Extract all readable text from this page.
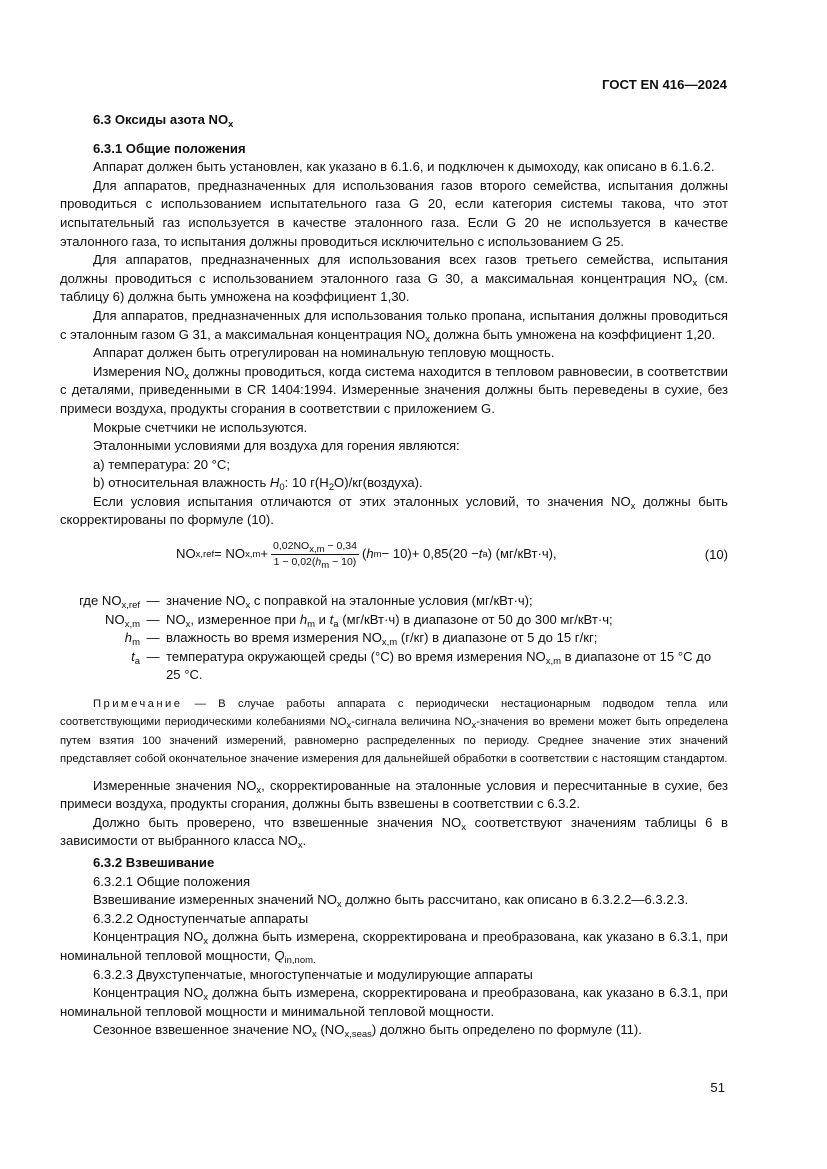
ГОСТ EN 416—2024
6.3 Оксиды азота $NO_x$
6.3.1 Общие положения

Аппарат должен быть установлен, как указано в 6.1.6, и подключен к дымоходу, как описано в 6.1.6.2.

Для аппаратов, предназначенных для использования газов второго семейства, испытания должны проводиться с использованием испытательного газа G 20, если категория системы такова, что этот испытательный газ используется в качестве эталонного газа. Если G 20 не используется в качестве эталонного газа, то испытания должны проводиться исключительно с использованием G 25.

Для аппаратов, предназначенных для использования всех газов третьего семейства, испытания должны проводиться с использованием эталонного газа G 30, а максимальная концентрация $NO_x$ (см. таблицу 6) должна быть умножена на коэффициент 1,30.

Для аппаратов, предназначенных для использования только пропана, испытания должны проводиться с эталонным газом G 31, а максимальная концентрация $NO_x$ должна быть умножена на коэффициент 1,20.

Аппарат должен быть отрегулирован на номинальную тепловую мощность.

Измерения $NO_x$ должны проводиться, когда система находится в тепловом равновесии, в соответствии с деталями, приведенными в CR 1404:1994. Измеренные значения должны быть переведены в сухие, без примеси воздуха, продукты сгорания в соответствии с приложением G.

Мокрые счетчики не используются.

Эталонными условиями для воздуха для горения являются:

a) температура: 20 °C;

b) относительная влажность $H_0$: 10 $г(H_2O)/кг(воздуха)$.

Если условия испытания отличаются от этих эталонных условий, то значения $NO_x$ должны быть скорректированы по формуле (10).

NO x,ref = NO $x,m + \frac{0,02NO_{x,m} - 0,34}{1 - 0,02(h_m - 10)}$ ( h m − 10) + 0,85(20 − t a ) (мг/кВт·ч),	(10)
где $NO_{x,ref}$ — значение $NO_x$ с поправкой на эталонные условия (мг/кВт·ч);
$NO_{x,m}$ — $NO_x$, измеренное при $h_m$ и $t_a$ (мг/кВт·ч) в диапазоне от 50 до 300 мг/кВт·ч;
$h_m$ — влажность во время измерения $NO_{x,m}$ (г/кг) в диапазоне от 5 до 15 г/кг;
$t_a$ — температура окружающей среды (°C) во время измерения $NO_{x,m}$ в диапазоне от 15 °C до 25 °C.
Примечание — В случае работы аппарата с периодически нестационарным подводом тепла или соответствующими периодическими колебаниями $NO_x$-сигнала величина $NO_x$-значения во времени может быть определена путем взятия 100 значений измерений, равномерно распределенных по периоду. Среднее значение этих значений представляет собой окончательное значение измерения для дальнейшей обработки в соответствии с настоящим стандартом.

Измеренные значения $NO_x$, скорректированные на эталонные условия и пересчитанные в сухие, без примеси воздуха, продукты сгорания, должны быть взвешены в соответствии с 6.3.2.

Должно быть проверено, что взвешенные значения $NO_x$ соответствуют значениям таблицы 6 в зависимости от выбранного класса $NO_x$.

6.3.2 Взвешивание

6.3.2.1 Общие положения

Взвешивание измеренных значений $NO_x$ должно быть рассчитано, как описано в 6.3.2.2—6.3.2.3.

6.3.2.2 Одноступенчатые аппараты

Концентрация $NO_x$ должна быть измерена, скорректирована и преобразована, как указано в 6.3.1, при номинальной тепловой мощности, $Q_{in,nom.}$

6.3.2.3 Двухступенчатые, многоступенчатые и модулирующие аппараты

Концентрация $NO_x$ должна быть измерена, скорректирована и преобразована, как указано в 6.3.1, при номинальной тепловой мощности и минимальной тепловой мощности.

Сезонное взвешенное значение $NO_x$ $(NO_{x,seas})$ должно быть определено по формуле (11).

51
